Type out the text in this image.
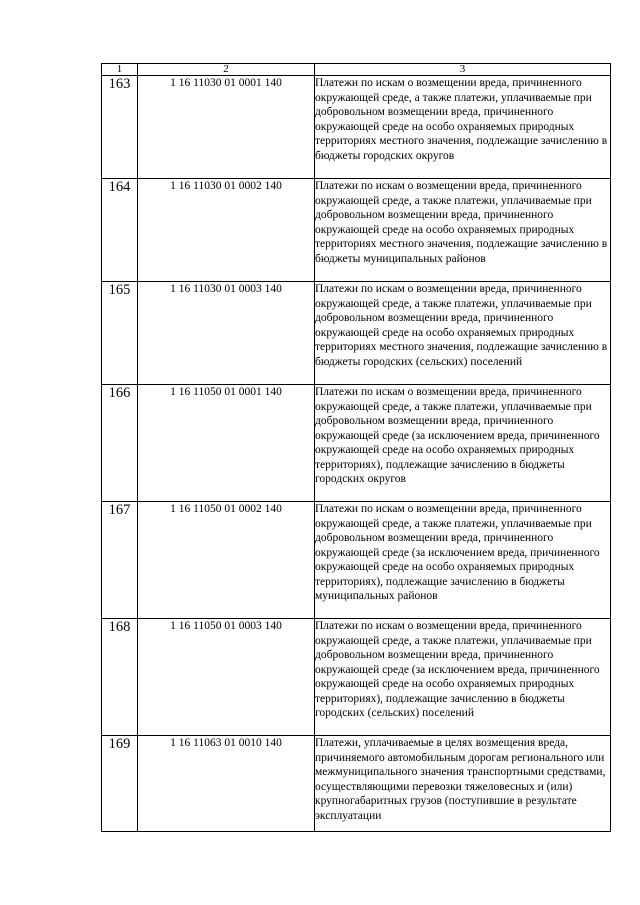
1	2	3
163	1 16 11030 01 0001 140	Платежи по искам о возмещении вреда, причиненного окружающей среде, а также платежи, уплачиваемые при добровольном возмещении вреда, причиненного окружающей среде на особо охраняемых природных территориях местного значения, подлежащие зачислению в бюджеты городских округов
164	1 16 11030 01 0002 140	Платежи по искам о возмещении вреда, причиненного окружающей среде, а также платежи, уплачиваемые при добровольном возмещении вреда, причиненного окружающей среде на особо охраняемых природных территориях местного значения, подлежащие зачислению в бюджеты муниципальных районов
165	1 16 11030 01 0003 140	Платежи по искам о возмещении вреда, причиненного окружающей среде, а также платежи, уплачиваемые при добровольном возмещении вреда, причиненного окружающей среде на особо охраняемых природных территориях местного значения, подлежащие зачислению в бюджеты городских (сельских) поселений
166	1 16 11050 01 0001 140	Платежи по искам о возмещении вреда, причиненного окружающей среде, а также платежи, уплачиваемые при добровольном возмещении вреда, причиненного окружающей среде (за исключением вреда, причиненного окружающей среде на особо охраняемых природных территориях), подлежащие зачислению в бюджеты городских округов
167	1 16 11050 01 0002 140	Платежи по искам о возмещении вреда, причиненного окружающей среде, а также платежи, уплачиваемые при добровольном возмещении вреда, причиненного окружающей среде (за исключением вреда, причиненного окружающей среде на особо охраняемых природных территориях), подлежащие зачислению в бюджеты муниципальных районов
168	1 16 11050 01 0003 140	Платежи по искам о возмещении вреда, причиненного окружающей среде, а также платежи, уплачиваемые при добровольном возмещении вреда, причиненного окружающей среде (за исключением вреда, причиненного окружающей среде на особо охраняемых природных территориях), подлежащие зачислению в бюджеты городских (сельских) поселений
169	1 16 11063 01 0010 140	Платежи, уплачиваемые в целях возмещения вреда, причиняемого автомобильным дорогам регионального или межмуниципального значения транспортными средствами, осуществляющими перевозки тяжеловесных и (или) крупногабаритных грузов (поступившие в результате эксплуатации
